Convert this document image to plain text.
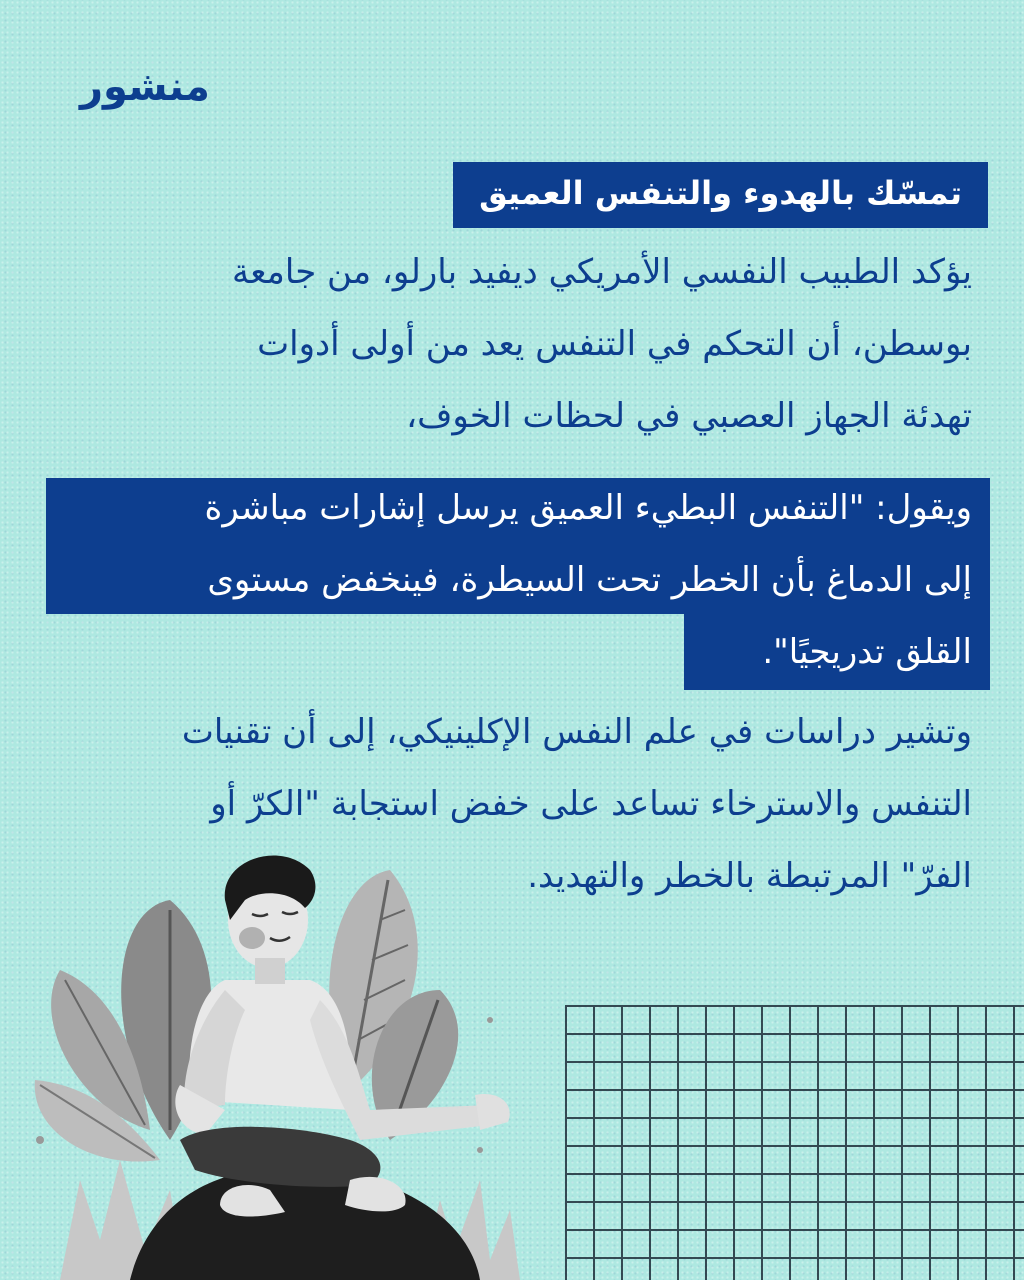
منشور
تمسّك بالهدوء والتنفس العميق
يؤكد الطبيب النفسي الأمريكي ديفيد بارلو، من جامعة
بوسطن، أن التحكم في التنفس يعد من أولى أدوات
تهدئة الجهاز العصبي في لحظات الخوف،
ويقول: "التنفس البطيء العميق يرسل إشارات مباشرة
إلى الدماغ بأن الخطر تحت السيطرة، فينخفض مستوى
القلق تدريجيًا".
وتشير دراسات في علم النفس الإكلينيكي، إلى أن تقنيات
التنفس والاسترخاء تساعد على خفض استجابة "الكرّ أو
الفرّ" المرتبطة بالخطر والتهديد.
